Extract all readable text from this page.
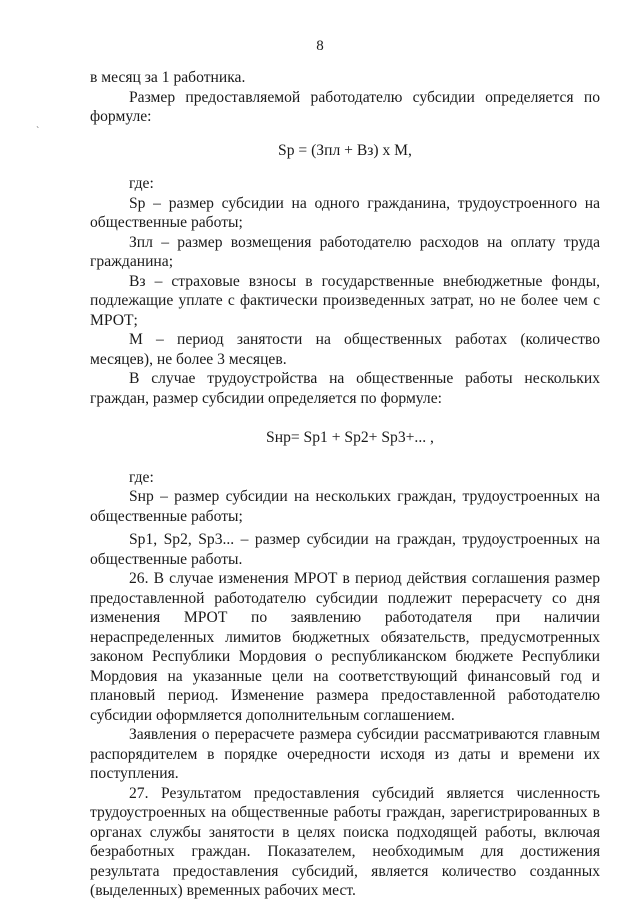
8
`

в месяц за 1 работника.

Размер предоставляемой работодателю субсидии определяется по формуле:

Sp = (Зпл + Вз) х М,

где:

Sp – размер субсидии на одного гражданина, трудоустроенного на общественные работы;

Зпл – размер возмещения работодателю расходов на оплату труда гражданина;

Вз – страховые взносы в государственные внебюджетные фонды, подлежащие уплате с фактически произведенных затрат, но не более чем с МРОТ;

М – период занятости на общественных работах (количество месяцев), не более 3 месяцев.

В случае трудоустройства на общественные работы нескольких граждан, размер субсидии определяется по формуле:

Sнр= Sp1 + Sp2+ Sp3+... ,

где:

Sнр – размер субсидии на нескольких граждан, трудоустроенных на общественные работы;

Sp1, Sp2, Sp3... – размер субсидии на граждан, трудоустроенных на общественные работы.

26. В случае изменения МРОТ в период действия соглашения размер предоставленной работодателю субсидии подлежит перерасчету со дня изменения МРОТ по заявлению работодателя при наличии нераспределенных лимитов бюджетных обязательств, предусмотренных законом Республики Мордовия о республиканском бюджете Республики Мордовия на указанные цели на соответствующий финансовый год и плановый период. Изменение размера предоставленной работодателю субсидии оформляется дополнительным соглашением.

Заявления о перерасчете размера субсидии рассматриваются главным распорядителем в порядке очередности исходя из даты и времени их поступления.

27. Результатом предоставления субсидий является численность трудоустроенных на общественные работы граждан, зарегистрированных в органах службы занятости в целях поиска подходящей работы, включая безработных граждан. Показателем, необходимым для достижения результата предоставления субсидий, является количество созданных (выделенных) временных рабочих мест.
